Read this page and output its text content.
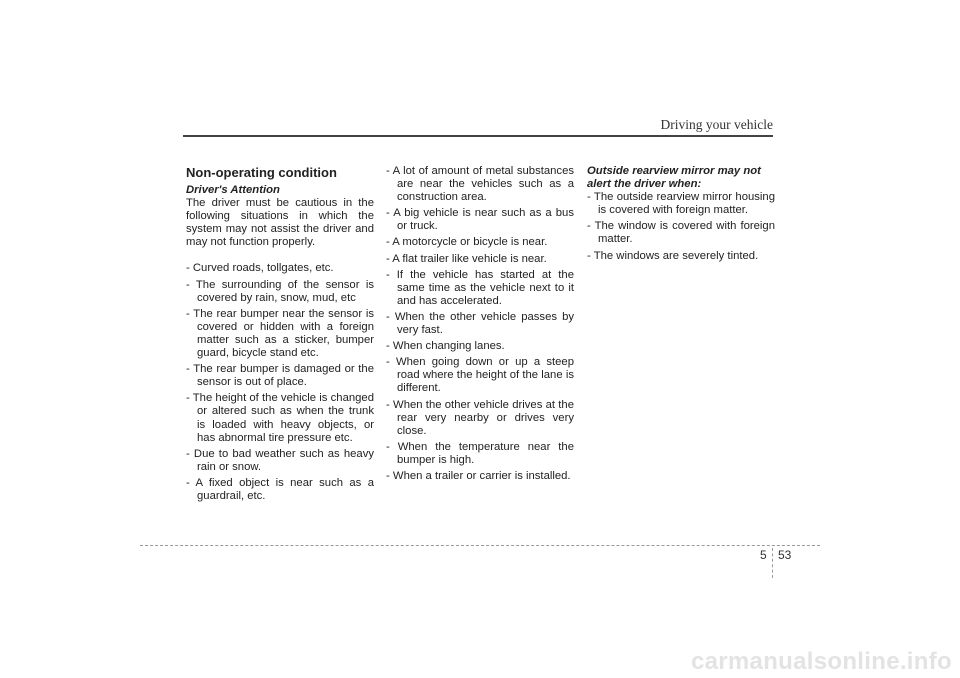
Driving your vehicle
Non-operating condition
Driver's Attention

The driver must be cautious in the following situations in which the system may not assist the driver and may not function properly.

- Curved roads, tollgates, etc.
- The surrounding of the sensor is covered by rain, snow, mud, etc
- The rear bumper near the sensor is covered or hidden with a foreign matter such as a sticker, bumper guard, bicycle stand etc.
- The rear bumper is damaged or the sensor is out of place.
- The height of the vehicle is changed or altered such as when the trunk is loaded with heavy objects, or has abnormal tire pressure etc.
- Due to bad weather such as heavy rain or snow.
- A fixed object is near such as a guardrail, etc.
- A lot of amount of metal substances are near the vehicles such as a construction area.
- A big vehicle is near such as a bus or truck.
- A motorcycle or bicycle is near.
- A flat trailer like vehicle is near.
- If the vehicle has started at the same time as the vehicle next to it and has accelerated.
- When the other vehicle passes by very fast.
- When changing lanes.
- When going down or up a steep road where the height of the lane is different.
- When the other vehicle drives at the rear very nearby or drives very close.
- When the temperature near the bumper is high.
- When a trailer or carrier is installed.
Outside rearview mirror may not alert the driver when:
- The outside rearview mirror housing is covered with foreign matter.
- The window is covered with foreign matter.
- The windows are severely tinted.
5 53
carmanualsonline.info
